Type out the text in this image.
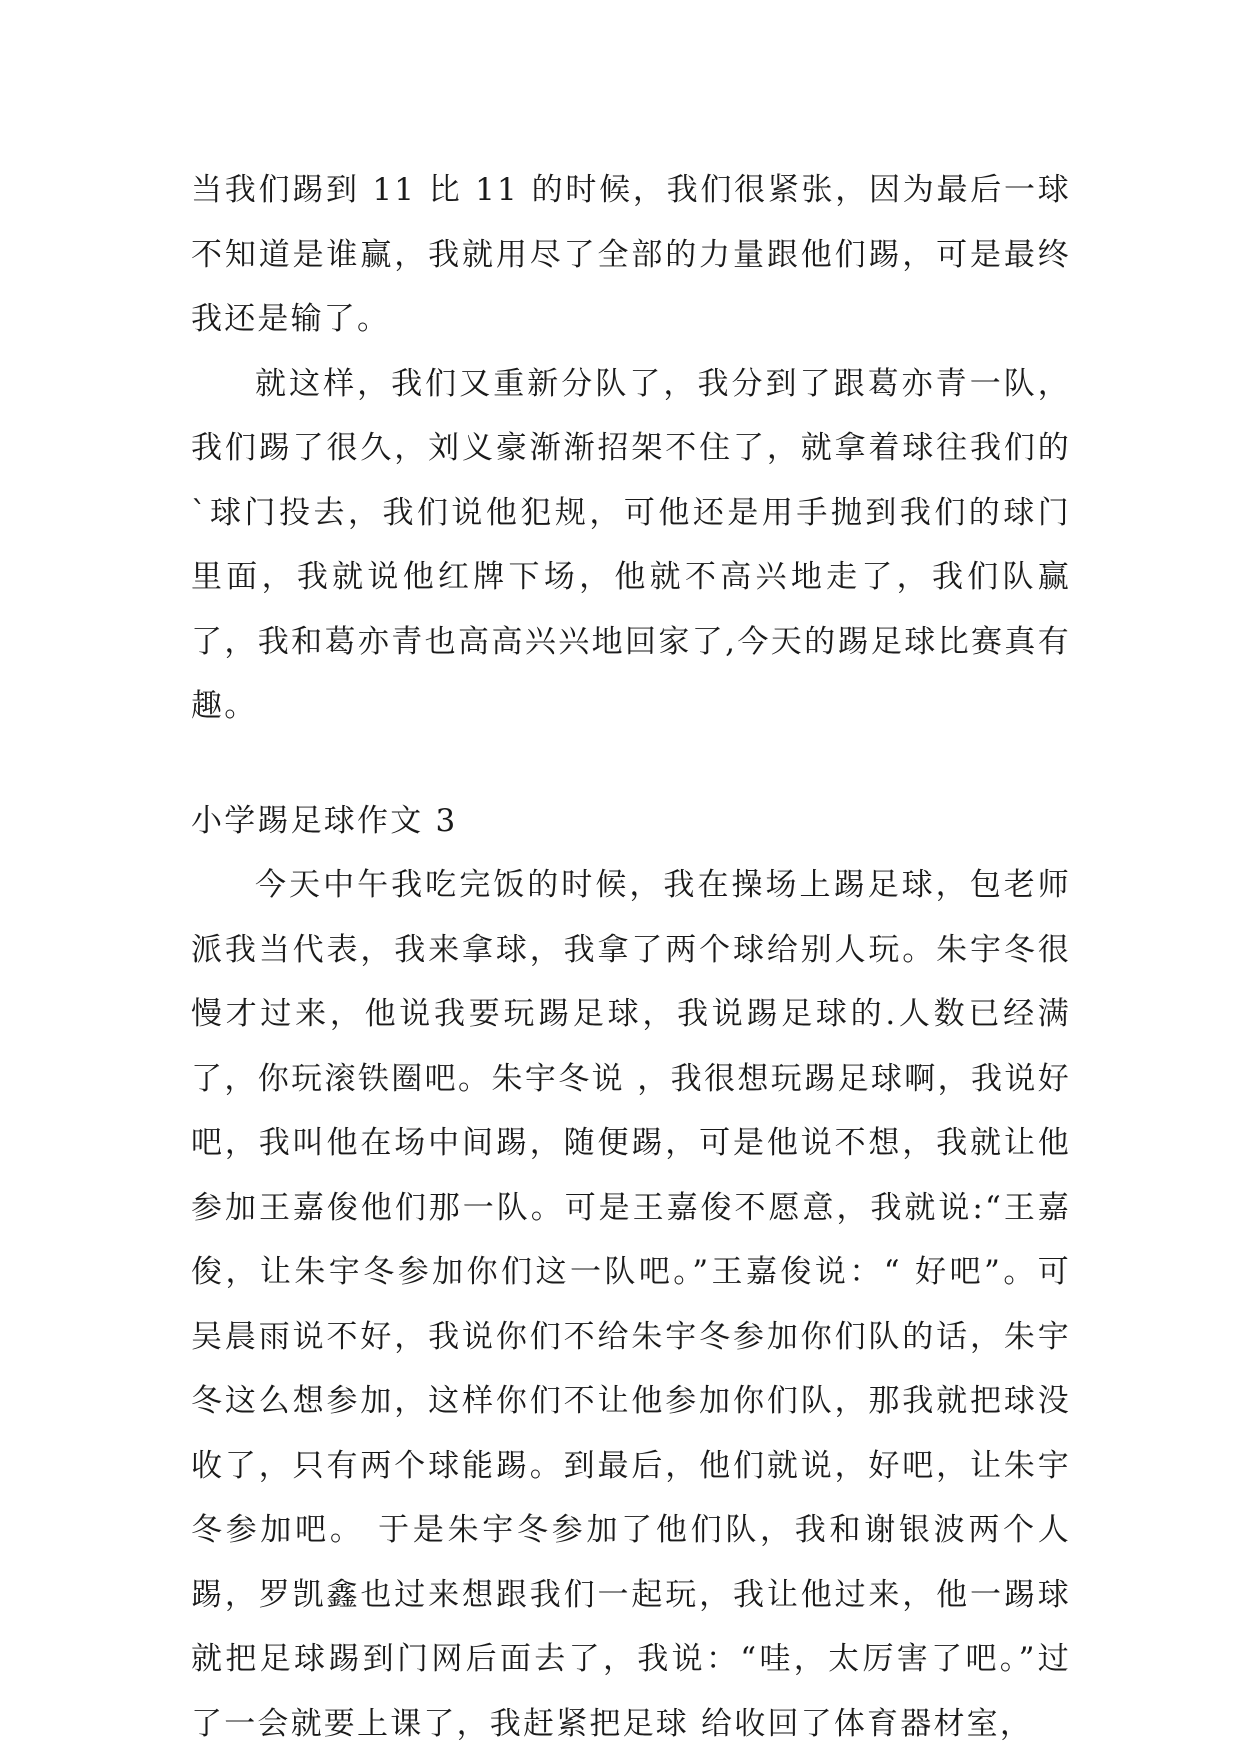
当我们踢到 11 比 11 的时候，我们很紧张，因为最后一球不知道是谁赢，我就用尽了全部的力量跟他们踢，可是最终我还是输了。

就这样，我们又重新分队了，我分到了跟葛亦青一队，我们踢了很久，刘义豪渐渐招架不住了，就拿着球往我们的`球门投去，我们说他犯规，可他还是用手抛到我们的球门里面，我就说他红牌下场，他就不高兴地走了，我们队赢了，我和葛亦青也高高兴兴地回家了,今天的踢足球比赛真有趣。

小学踢足球作文 3

今天中午我吃完饭的时候，我在操场上踢足球，包老师派我当代表，我来拿球，我拿了两个球给别人玩。朱宇冬很慢才过来，他说我要玩踢足球，我说踢足球的.人数已经满了，你玩滚铁圈吧。朱宇冬说 ，我很想玩踢足球啊，我说好吧，我叫他在场中间踢，随便踢，可是他说不想，我就让他参加王嘉俊他们那一队。可是王嘉俊不愿意，我就说:“王嘉俊，让朱宇冬参加你们这一队吧。”王嘉俊说：“ 好吧”。可吴晨雨说不好，我说你们不给朱宇冬参加你们队的话，朱宇冬这么想参加，这样你们不让他参加你们队，那我就把球没收了，只有两个球能踢。到最后，他们就说，好吧，让朱宇冬参加吧。 于是朱宇冬参加了他们队，我和谢银波两个人踢，罗凯鑫也过来想跟我们一起玩，我让他过来，他一踢球就把足球踢到门网后面去了，我说：“哇，太厉害了吧。”过了一会就要上课了，我赶紧把足球 给收回了体育器材室，
